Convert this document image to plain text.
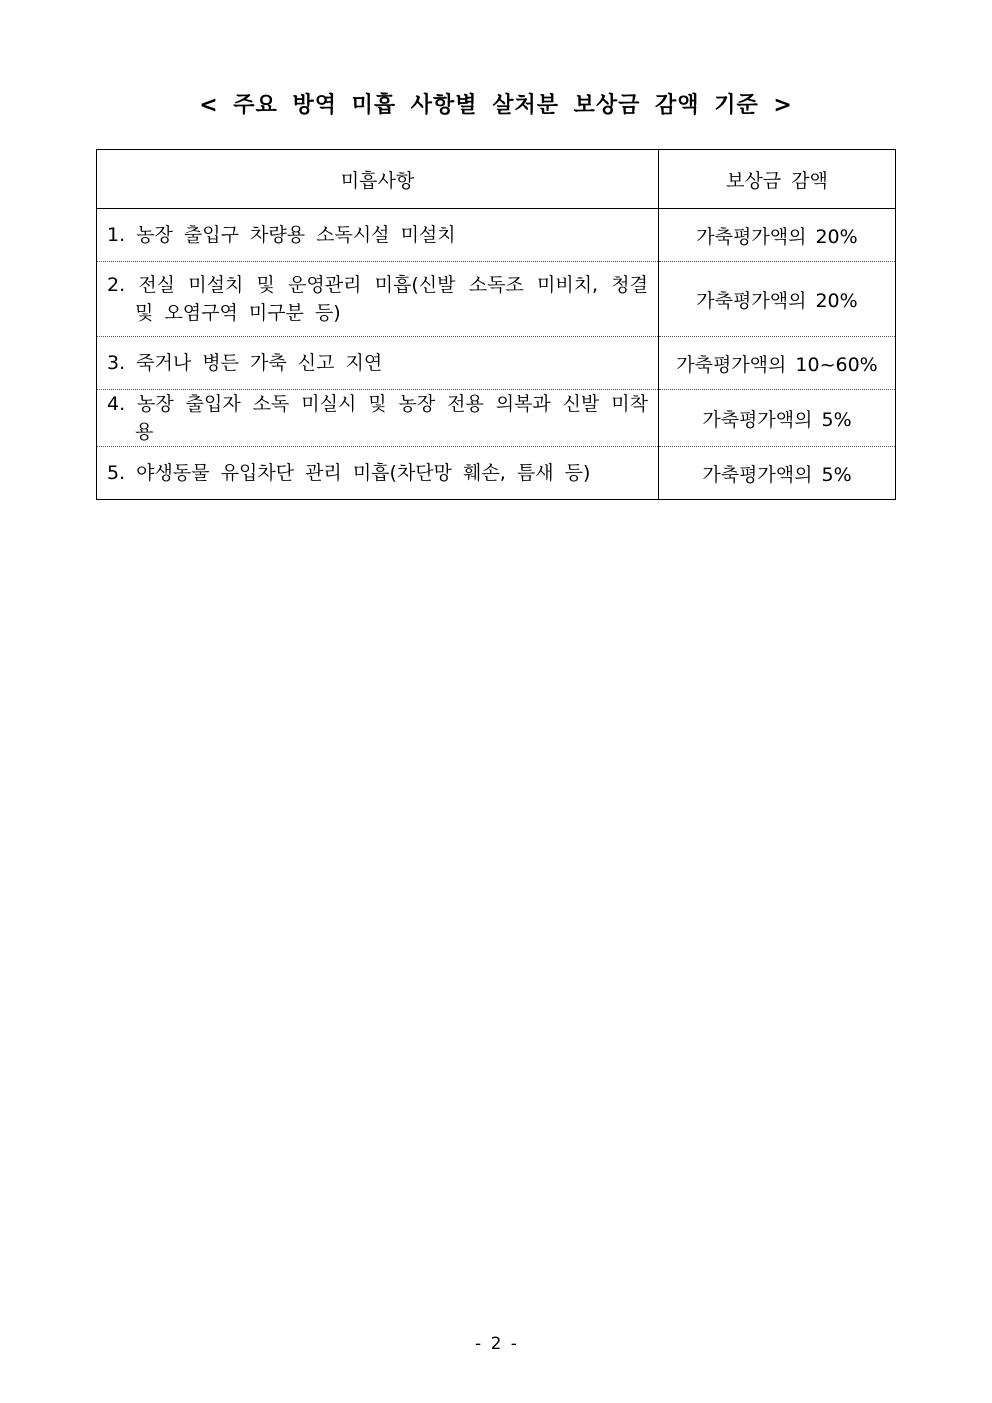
< 주요 방역 미흡 사항별 살처분 보상금 감액 기준 >
미흡사항	보상금 감액

1. 농장 출입구 차량용 소독시설 미설치	가축평가액의 20%

2. 전실 미설치 및 운영관리 미흡(신발 소독조 미비치, 청결 및 오염구역 미구분 등)	가축평가액의 20%

3. 죽거나 병든 가축 신고 지연	가축평가액의 10~60%

4. 농장 출입자 소독 미실시 및 농장 전용 의복과 신발 미착용	가축평가액의 5%

5. 야생동물 유입차단 관리 미흡(차단망 훼손, 틈새 등)	가축평가액의 5%
- 2 -
